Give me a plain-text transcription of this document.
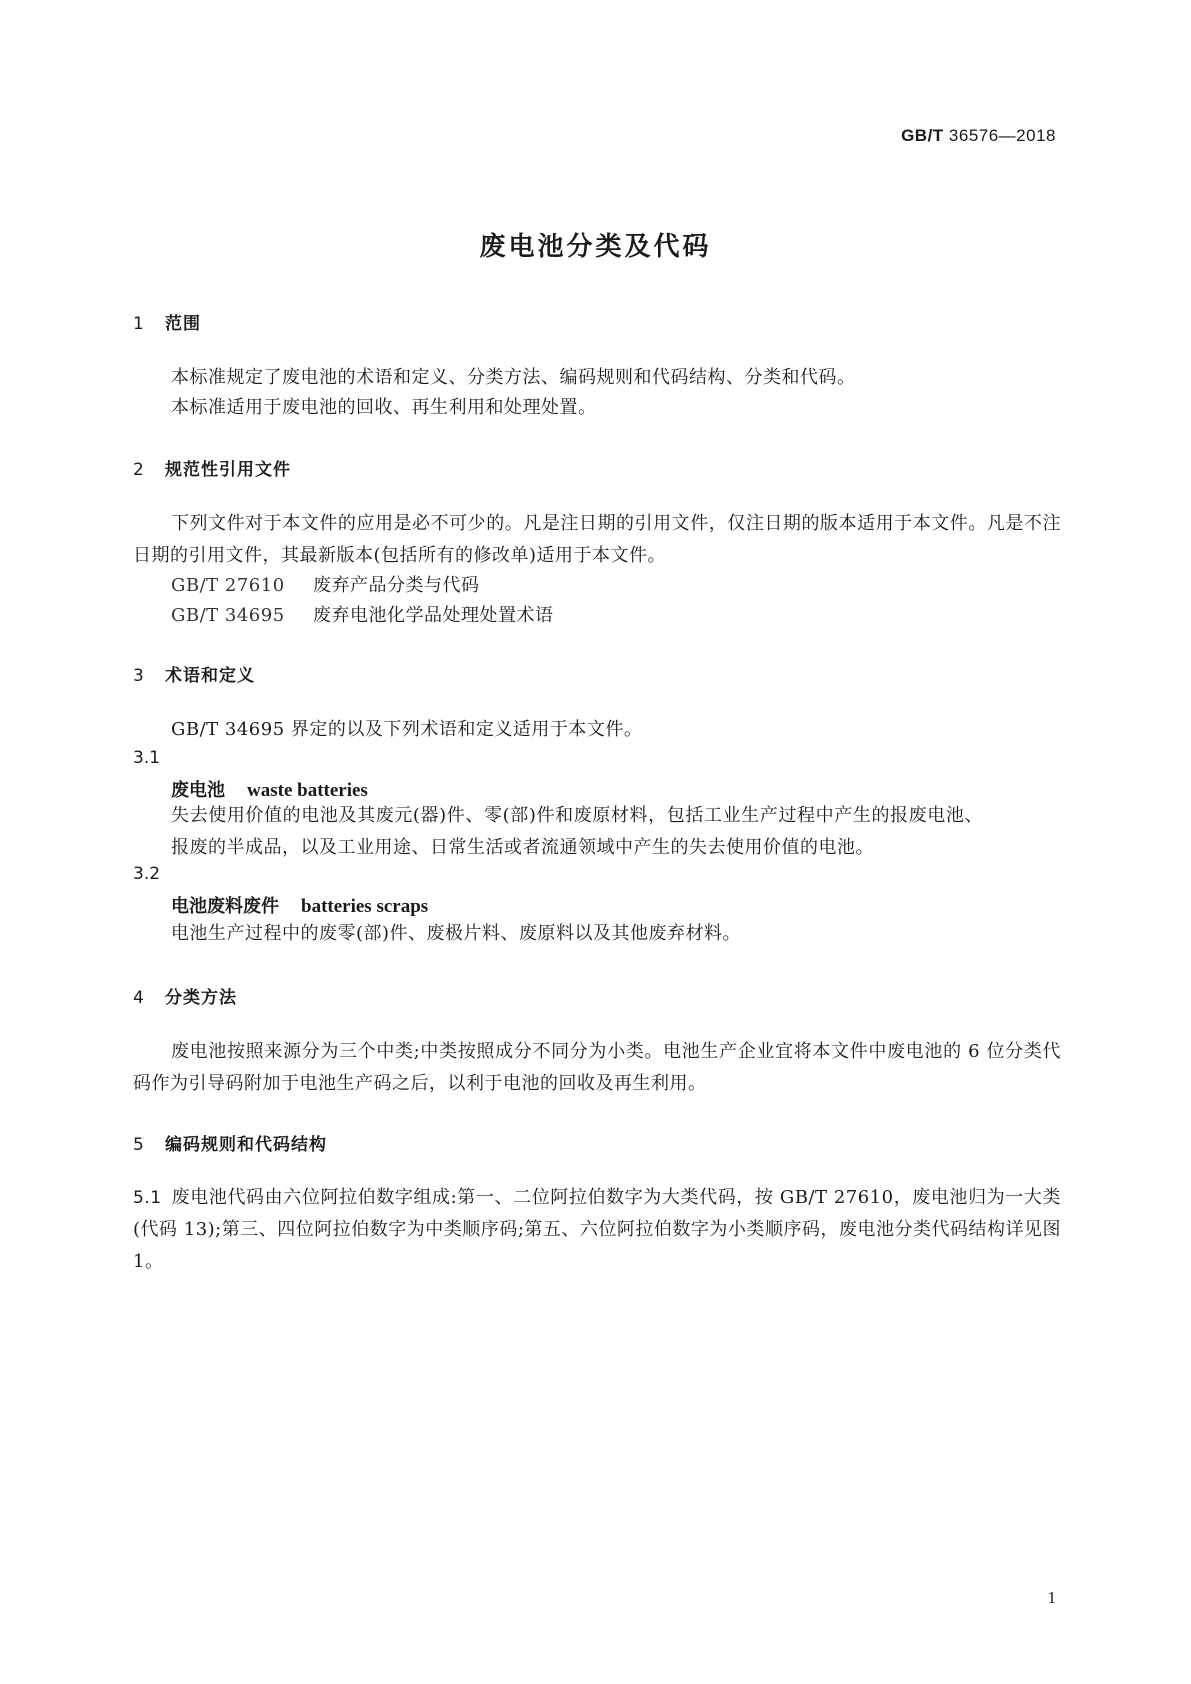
GB/T 36576—2018
废电池分类及代码
1 范围
本标准规定了废电池的术语和定义、分类方法、编码规则和代码结构、分类和代码。
本标准适用于废电池的回收、再生利用和处理处置。
2 规范性引用文件
下列文件对于本文件的应用是必不可少的。凡是注日期的引用文件，仅注日期的版本适用于本文件。凡是不注日期的引用文件，其最新版本(包括所有的修改单)适用于本文件。
GB/T 27610 废弃产品分类与代码
GB/T 34695 废弃电池化学品处理处置术语
3 术语和定义
GB/T 34695 界定的以及下列术语和定义适用于本文件。
3.1
废电池 waste batteries
失去使用价值的电池及其废元(器)件、零(部)件和废原材料，包括工业生产过程中产生的报废电池、报废的半成品，以及工业用途、日常生活或者流通领域中产生的失去使用价值的电池。
3.2
电池废料废件 batteries scraps
电池生产过程中的废零(部)件、废极片料、废原料以及其他废弃材料。
4 分类方法
废电池按照来源分为三个中类;中类按照成分不同分为小类。电池生产企业宜将本文件中废电池的 6 位分类代码作为引导码附加于电池生产码之后，以利于电池的回收及再生利用。
5 编码规则和代码结构
5.1 废电池代码由六位阿拉伯数字组成:第一、二位阿拉伯数字为大类代码，按 GB/T 27610，废电池归为一大类(代码 13);第三、四位阿拉伯数字为中类顺序码;第五、六位阿拉伯数字为小类顺序码，废电池分类代码结构详见图 1。
1
